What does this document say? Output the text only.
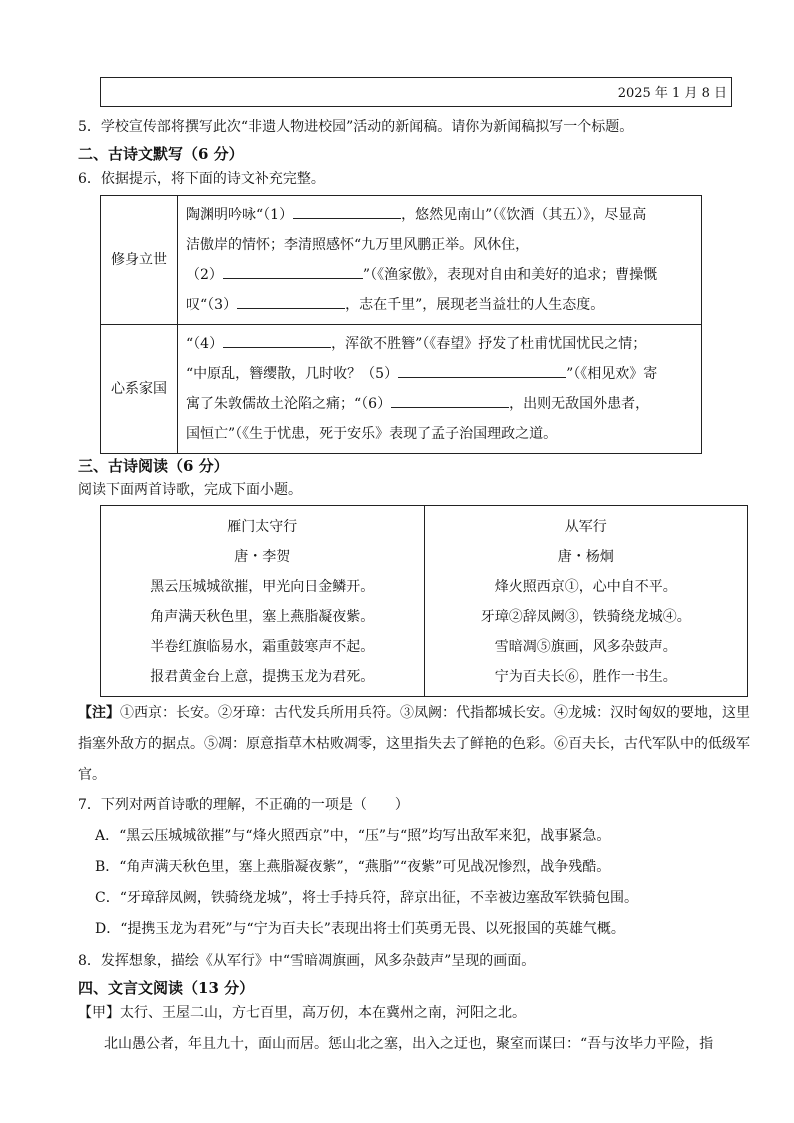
2025 年 1 月 8 日
5．学校宣传部将撰写此次“非遗人物进校园”活动的新闻稿。请你为新闻稿拟写一个标题。
二、古诗文默写（6 分）
6．依据提示，将下面的诗文补充完整。
修身立世	陶渊明吟咏“（1） ，悠然见南山”（《饮酒（其五）》，尽显高
洁傲岸的情怀；李清照感怀“九万里风鹏正举。风休住，
（2） ”（《渔家傲》，表现对自由和美好的追求；曹操慨
叹“（3） ，志在千里”，展现老当益壮的人生态度。

心系家国	“（4） ，浑欲不胜簪”（《春望》抒发了杜甫忧国忧民之情；
“中原乱，簪缨散，几时收？（5） ”（《相见欢》寄
寓了朱敦儒故土沦陷之痛；“（6） ，出则无敌国外患者，
国恒亡”（《生于忧患，死于安乐》表现了孟子治国理政之道。
三、古诗阅读（6 分）
阅读下面两首诗歌，完成下面小题。
雁门太守行
唐・李贺
黑云压城城欲摧，甲光向日金鳞开。
角声满天秋色里，塞上燕脂凝夜紫。
半卷红旗临易水，霜重鼓寒声不起。
报君黄金台上意，提携玉龙为君死。

从军行
唐・杨炯
烽火照西京①，心中自不平。
牙璋②辞凤阙③，铁骑绕龙城④。
雪暗凋⑤旗画，风多杂鼓声。
宁为百夫长⑥，胜作一书生。
【注】①西京：长安。②牙璋：古代发兵所用兵符。③凤阙：代指都城长安。④龙城：汉时匈奴的要地，这里指塞外敌方的据点。⑤凋：原意指草木枯败凋零，这里指失去了鲜艳的色彩。⑥百夫长，古代军队中的低级军官。
7．下列对两首诗歌的理解，不正确的一项是（　　）
A．“黑云压城城欲摧”与“烽火照西京”中，“压”与“照”均写出敌军来犯，战事紧急。
B．“角声满天秋色里，塞上燕脂凝夜紫”，“燕脂”“夜紫”可见战况惨烈，战争残酷。
C．“牙璋辞凤阙，铁骑绕龙城”，将士手持兵符，辞京出征，不幸被边塞敌军铁骑包围。
D．“提携玉龙为君死”与“宁为百夫长”表现出将士们英勇无畏、以死报国的英雄气概。
8．发挥想象，描绘《从军行》中“雪暗凋旗画，风多杂鼓声”呈现的画面。
四、文言文阅读（13 分）
【甲】太行、王屋二山，方七百里，高万仞，本在冀州之南，河阳之北。
北山愚公者，年且九十，面山而居。惩山北之塞，出入之迂也，聚室而谋曰：“吾与汝毕力平险，指
